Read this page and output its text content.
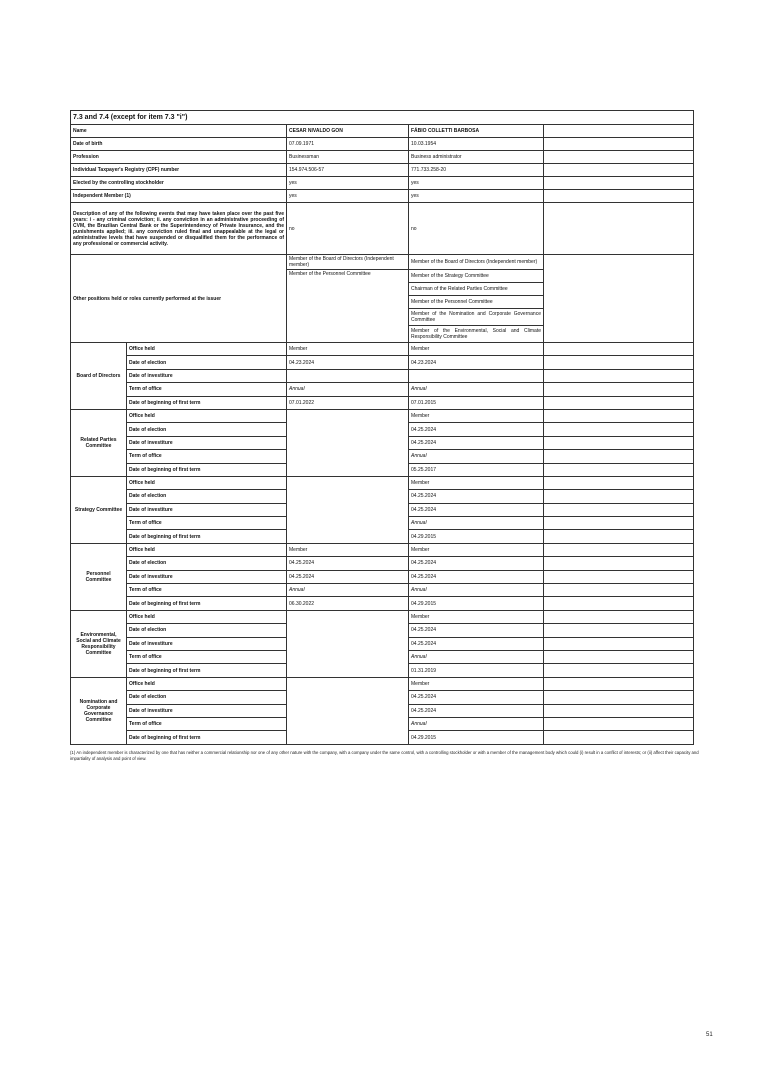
7.3 and 7.4 (except for item 7.3 "i")				
Name		CESAR NIVALDO GON	FÁBIO COLLETTI BARBOSA	
Date of birth		07.09.1971	10.03.1954	
Profession		Businessman	Business administrator	
Individual Taxpayer's Registry (CPF) number		154.974.506-57	771.733.258-20	
Elected by the controlling stockholder		yes	yes	
Independent Member (1)		yes	yes	
Description of any of the following events that may have taken place over the past five years: i - any criminal conviction; ii. any conviction in an administrative proceeding of CVM, the Brazilian Central Bank or the Superintendency of Private Insurance, and the punishments applied; iii. any conviction ruled final and unappealable at the legal or administrative levels that have suspended or disqualified them for the performance of any professional or commercial activity.		no	no	
Other positions held or roles currently performed at the issuer		Member of the Board of Directors (Independent member)	Member of the Board of Directors (Independent member)	
		Member of the Personnel Committee	Member of the Strategy Committee	
			Chairman of the Related Parties Committee	
			Member of the Personnel Committee	
			Member of the Nomination and Corporate Governance Committee	
			Member of the Environmental, Social and Climate Responsibility Committee	
Board of Directors	Office held	Member	Member	
	Date of election	04.23.2024	04.23.2024	
	Date of investiture			
	Term of office	Annual	Annual	
	Date of beginning of first term	07.01.2022	07.01.2015	
Related Parties Committee	Office held		Member	
	Date of election		04.25.2024	
	Date of investiture		04.25.2024	
	Term of office		Annual	
	Date of beginning of first term		05.25.2017	
Strategy Committee	Office held		Member	
	Date of election		04.25.2024	
	Date of investiture		04.25.2024	
	Term of office		Annual	
	Date of beginning of first term		04.29.2015	
Personnel Committee	Office held	Member	Member	
	Date of election	04.25.2024	04.25.2024	
	Date of investiture	04.25.2024	04.25.2024	
	Term of office	Annual	Annual	
	Date of beginning of first term	06.30.2022	04.29.2015	
Environmental, Social and Climate Responsibility Committee	Office held		Member	
	Date of election		04.25.2024	
	Date of investiture		04.25.2024	
	Term of office		Annual	
	Date of beginning of first term		01.31.2019	
Nomination and Corporate Governance Committee	Office held		Member	
	Date of election		04.25.2024	
	Date of investiture		04.25.2024	
	Term of office		Annual	
	Date of beginning of first term		04.29.2015	
(1) An independent member is characterized by one that has neither a commercial relationship nor one of any other nature with the company, with a company under the same control, with a controlling stockholder or with a member of the management body which could (i) result in a conflict of interests; or (ii) affect their capacity and impartiality of analysis and point of view.
51
